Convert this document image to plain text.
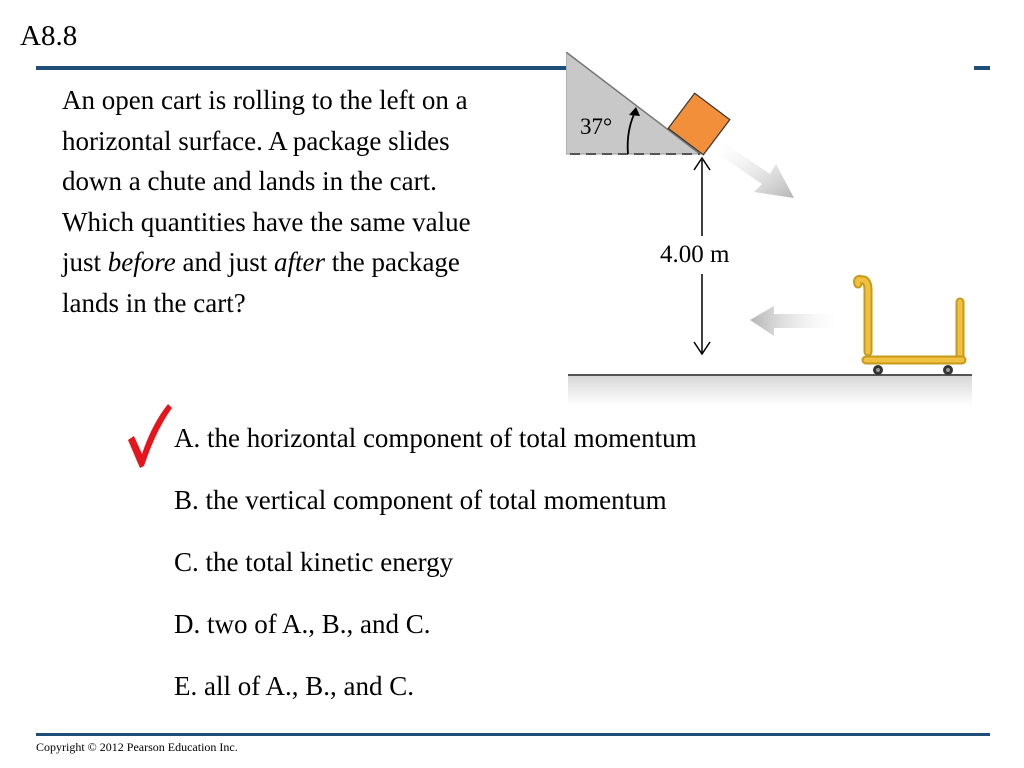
A8.8
An open cart is rolling to the left on a horizontal surface. A package slides down a chute and lands in the cart. Which quantities have the same value just before and just after the package lands in the cart?
37°
4.00 m
A. the horizontal component of total momentum
B. the vertical component of total momentum
C. the total kinetic energy
D. two of A., B., and C.
E. all of A., B., and C.
Copyright © 2012 Pearson Education Inc.
